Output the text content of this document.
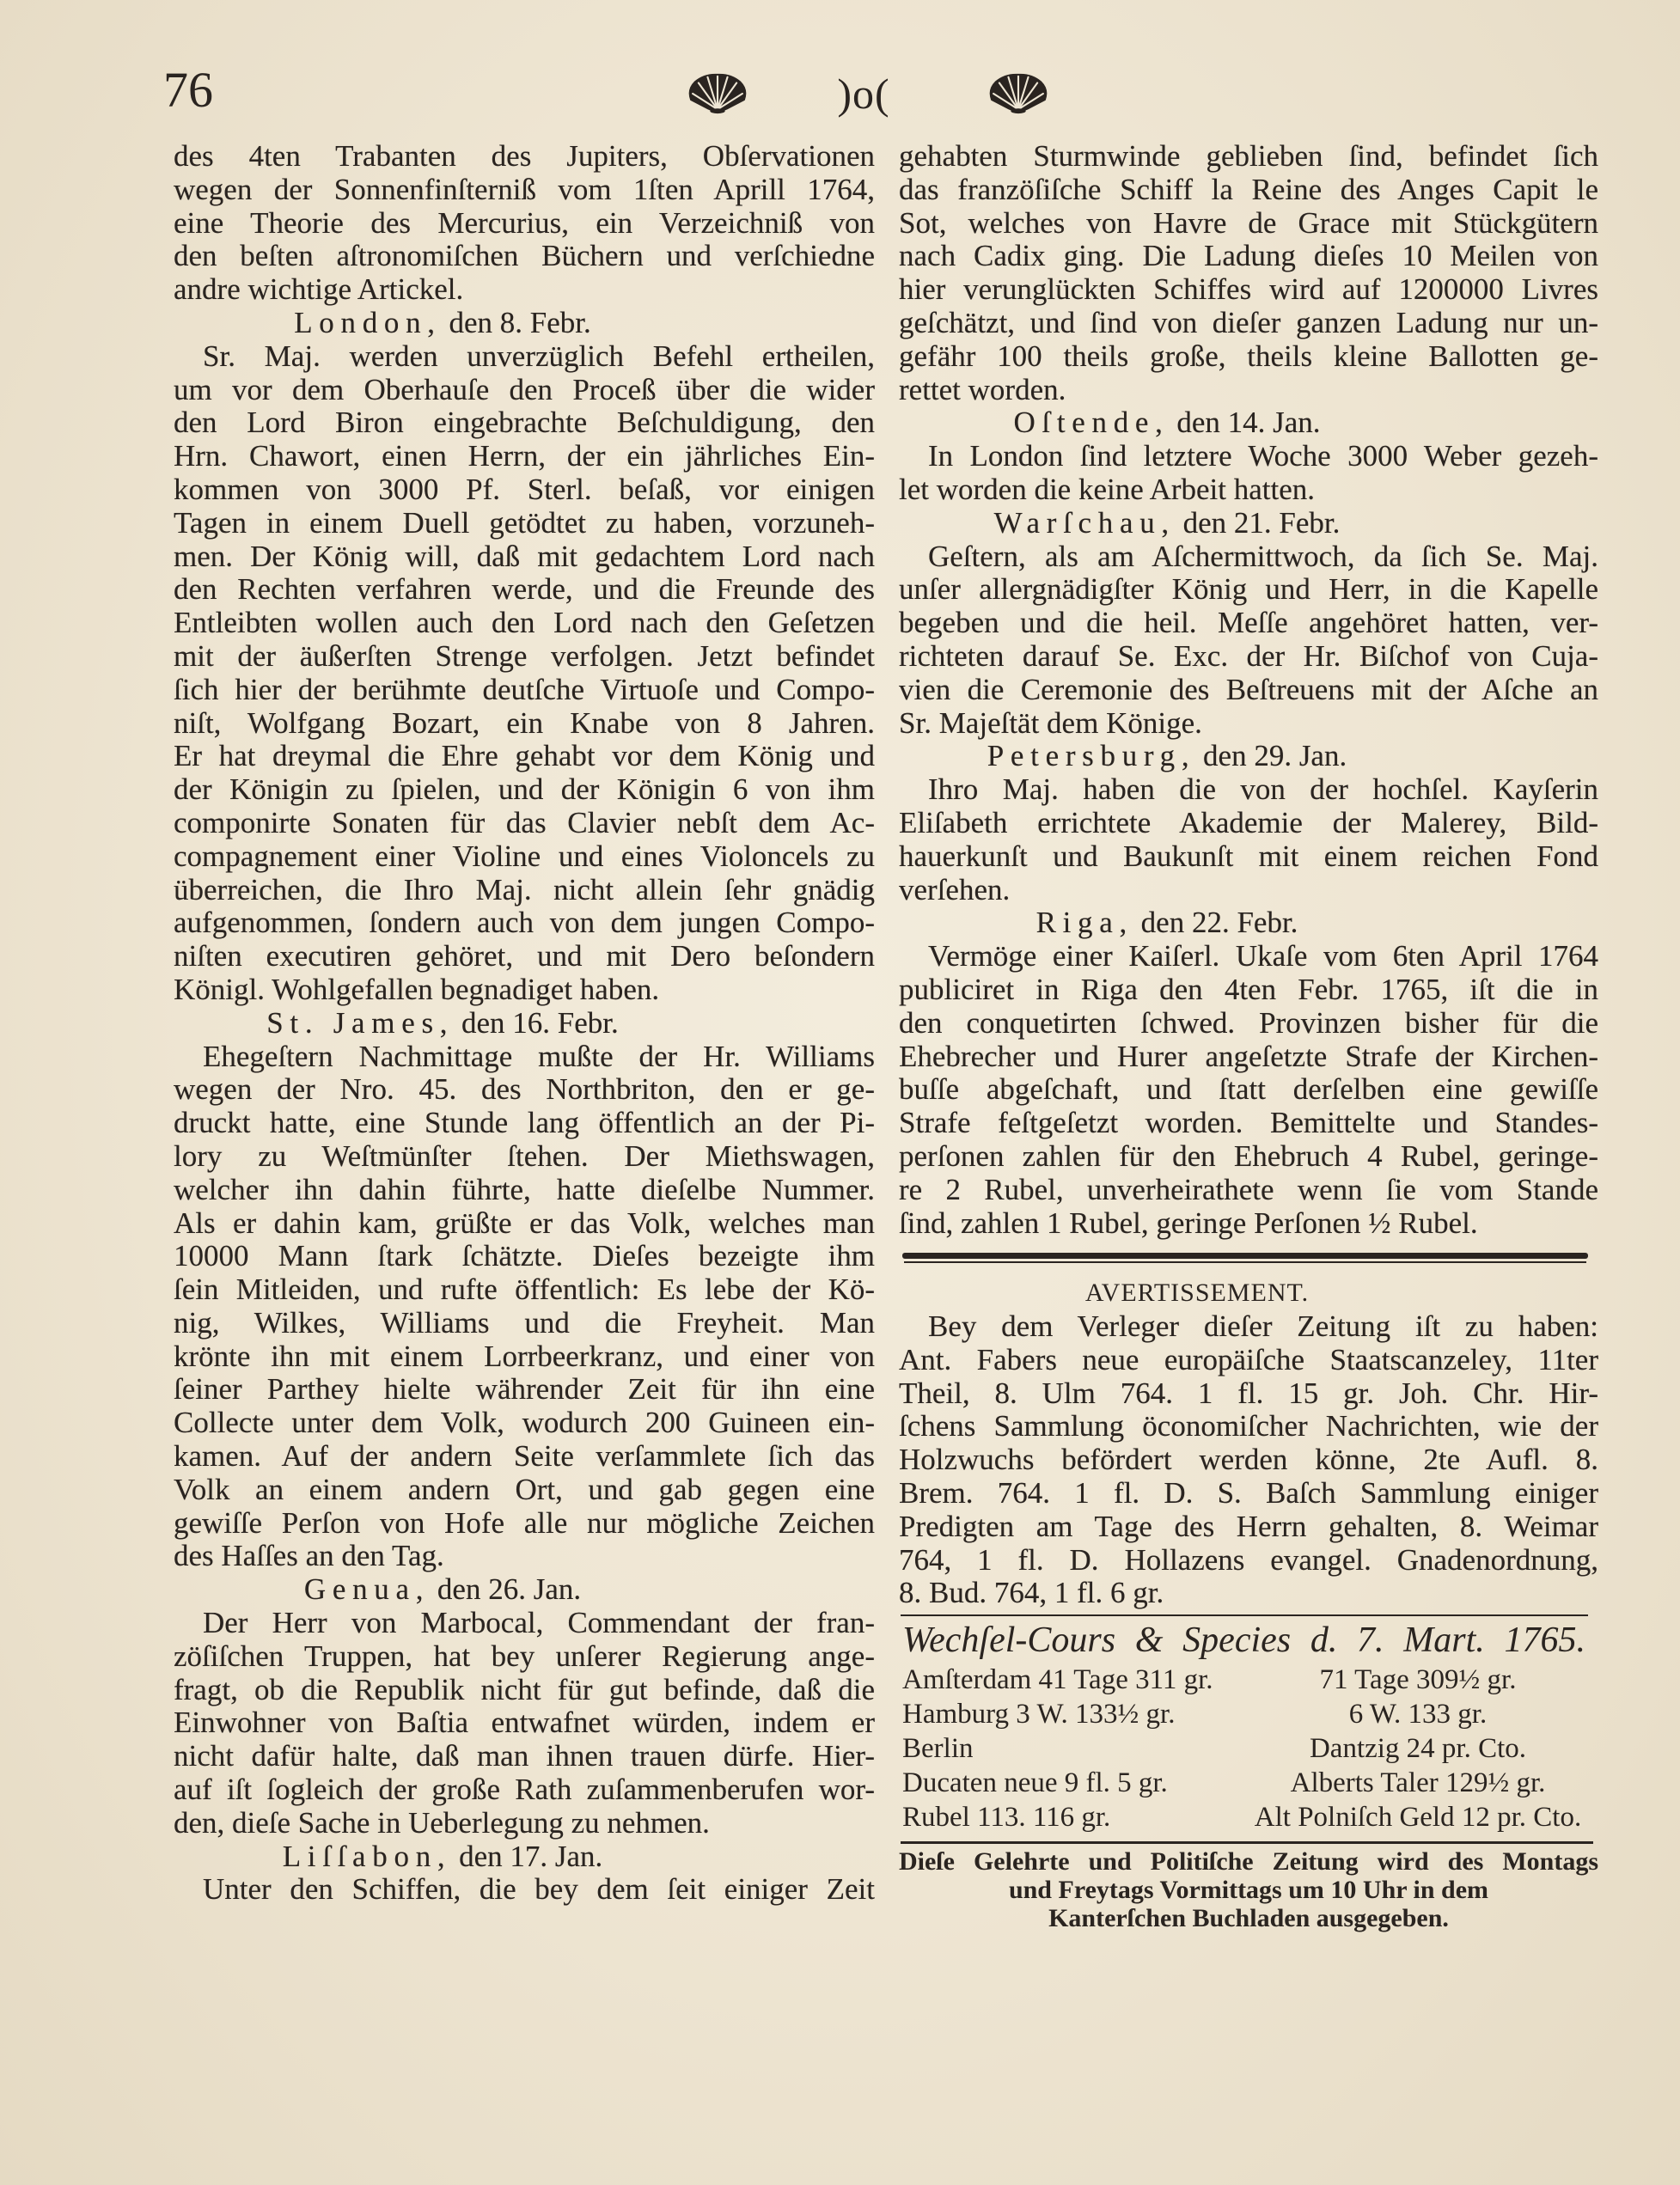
76	)o(
des 4ten Trabanten des Jupiters, Obſervationen
wegen der Sonnenfinſterniß vom 1ſten Aprill 1764,
eine Theorie des Mercurius, ein Verzeichniß von
den beſten aſtronomiſchen Büchern und verſchiedne
andre wichtige Artickel.
London, den 8. Febr.
Sr. Maj. werden unverzüglich Befehl ertheilen,
um vor dem Oberhauſe den Proceß über die wider
den Lord Biron eingebrachte Beſchuldigung, den
Hrn. Chawort, einen Herrn, der ein jährliches Ein-
kommen von 3000 Pf. Sterl. beſaß, vor einigen
Tagen in einem Duell getödtet zu haben, vorzuneh-
men. Der König will, daß mit gedachtem Lord nach
den Rechten verfahren werde, und die Freunde des
Entleibten wollen auch den Lord nach den Geſetzen
mit der äußerſten Strenge verfolgen. Jetzt befindet
ſich hier der berühmte deutſche Virtuoſe und Compo-
niſt, Wolfgang Bozart, ein Knabe von 8 Jahren.
Er hat dreymal die Ehre gehabt vor dem König und
der Königin zu ſpielen, und der Königin 6 von ihm
componirte Sonaten für das Clavier nebſt dem Ac-
compagnement einer Violine und eines Violoncels zu
überreichen, die Ihro Maj. nicht allein ſehr gnädig
aufgenommen, ſondern auch von dem jungen Compo-
niſten executiren gehöret, und mit Dero beſondern
Königl. Wohlgefallen begnadiget haben.
St. James, den 16. Febr.
Ehegeſtern Nachmittage mußte der Hr. Williams
wegen der Nro. 45. des Northbriton, den er ge-
druckt hatte, eine Stunde lang öffentlich an der Pi-
lory zu Weſtmünſter ſtehen. Der Miethswagen,
welcher ihn dahin führte, hatte dieſelbe Nummer.
Als er dahin kam, grüßte er das Volk, welches man
10000 Mann ſtark ſchätzte. Dieſes bezeigte ihm
ſein Mitleiden, und rufte öffentlich: Es lebe der Kö-
nig, Wilkes, Williams und die Freyheit. Man
krönte ihn mit einem Lorrbeerkranz, und einer von
ſeiner Parthey hielte währender Zeit für ihn eine
Collecte unter dem Volk, wodurch 200 Guineen ein-
kamen. Auf der andern Seite verſammlete ſich das
Volk an einem andern Ort, und gab gegen eine
gewiſſe Perſon von Hofe alle nur mögliche Zeichen
des Haſſes an den Tag.
Genua, den 26. Jan.
Der Herr von Marbocal, Commendant der fran-
zöſiſchen Truppen, hat bey unſerer Regierung ange-
fragt, ob die Republik nicht für gut befinde, daß die
Einwohner von Baſtia entwafnet würden, indem er
nicht dafür halte, daß man ihnen trauen dürfe. Hier-
auf iſt ſogleich der große Rath zuſammenberufen wor-
den, dieſe Sache in Ueberlegung zu nehmen.
Liſſabon, den 17. Jan.
Unter den Schiffen, die bey dem ſeit einiger Zeit
gehabten Sturmwinde geblieben ſind, befindet ſich
das franzöſiſche Schiff la Reine des Anges Capit le
Sot, welches von Havre de Grace mit Stückgütern
nach Cadix ging. Die Ladung dieſes 10 Meilen von
hier verunglückten Schiffes wird auf 1200000 Livres
geſchätzt, und ſind von dieſer ganzen Ladung nur un-
gefähr 100 theils große, theils kleine Ballotten ge-
rettet worden.
Oſtende, den 14. Jan.
In London ſind letztere Woche 3000 Weber gezeh-
let worden die keine Arbeit hatten.
Warſchau, den 21. Febr.
Geſtern, als am Aſchermittwoch, da ſich Se. Maj.
unſer allergnädigſter König und Herr, in die Kapelle
begeben und die heil. Meſſe angehöret hatten, ver-
richteten darauf Se. Exc. der Hr. Biſchof von Cuja-
vien die Ceremonie des Beſtreuens mit der Aſche an
Sr. Majeſtät dem Könige.
Petersburg, den 29. Jan.
Ihro Maj. haben die von der hochſel. Kayſerin
Eliſabeth errichtete Akademie der Malerey, Bild-
hauerkunſt und Baukunſt mit einem reichen Fond
verſehen.
Riga, den 22. Febr.
Vermöge einer Kaiſerl. Ukaſe vom 6ten April 1764
publiciret in Riga den 4ten Febr. 1765, iſt die in
den conquetirten ſchwed. Provinzen bisher für die
Ehebrecher und Hurer angeſetzte Strafe der Kirchen-
buſſe abgeſchaft, und ſtatt derſelben eine gewiſſe
Strafe feſtgeſetzt worden. Bemittelte und Standes-
perſonen zahlen für den Ehebruch 4 Rubel, geringe-
re 2 Rubel, unverheirathete wenn ſie vom Stande
ſind, zahlen 1 Rubel, geringe Perſonen ½ Rubel.
AVERTISSEMENT.
Bey dem Verleger dieſer Zeitung iſt zu haben:
Ant. Fabers neue europäiſche Staatscanzeley, 11ter
Theil, 8. Ulm 764. 1 fl. 15 gr. Joh. Chr. Hir-
ſchens Sammlung öconomiſcher Nachrichten, wie der
Holzwuchs befördert werden könne, 2te Aufl. 8.
Brem. 764. 1 fl. D. S. Baſch Sammlung einiger
Predigten am Tage des Herrn gehalten, 8. Weimar
764, 1 fl. D. Hollazens evangel. Gnadenordnung,
8. Bud. 764, 1 fl. 6 gr.
Wechſel-Cours & Species d. 7. Mart. 1765.
Amſterdam 41 Tage 311 gr.	71 Tage 309½ gr.
Hamburg 3 W. 133½ gr.	6 W. 133 gr.
Berlin	Dantzig 24 pr. Cto.
Ducaten neue 9 fl. 5 gr.	Alberts Taler 129½ gr.
Rubel 113. 116 gr.	Alt Polniſch Geld 12 pr. Cto.
Dieſe Gelehrte und Politiſche Zeitung wird des Montags
und Freytags Vormittags um 10 Uhr in dem
Kanterſchen Buchladen ausgegeben.
